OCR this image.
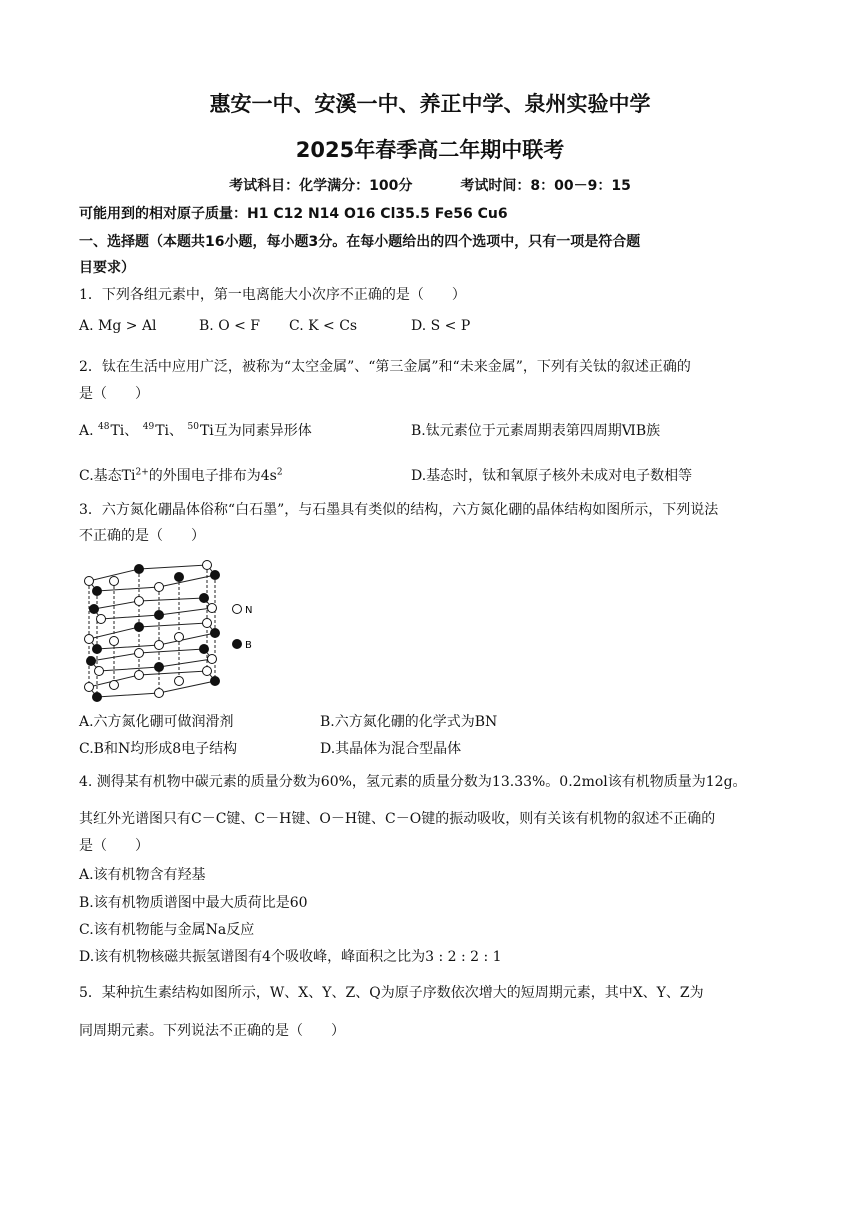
惠安一中、安溪一中、养正中学、泉州实验中学
2025年春季高二年期中联考
考试科目：化学满分：100分	考试时间：8：00－9：15
可能用到的相对原子质量：H1 C12 N14 O16 Cl35.5 Fe56 Cu6
一、选择题（本题共16小题，每小题3分。在每小题给出的四个选项中，只有一项是符合题
目要求）
1．下列各组元素中，第一电离能大小次序不正确的是（　　）
A. Mg > Al	B. O < F C. K < Cs	D. S < P
2．钛在生活中应用广泛，被称为“太空金属”、“第三金属”和“未来金属”，下列有关钛的叙述正确的
是（　　）
A. $^{48}$Ti、 $^{49}$Ti、 $^{50}$Ti互为同素异形体	B.钛元素位于元素周期表第四周期ⅥB族
C.基态$Ti^{2+}$的外围电子排布为$4s^2$	D.基态时，钛和氧原子核外未成对电子数相等
3．六方氮化硼晶体俗称“白石墨”，与石墨具有类似的结构，六方氮化硼的晶体结构如图所示，下列说法
不正确的是（　　）
N
B
A.六方氮化硼可做润滑剂	B.六方氮化硼的化学式为BN
C.B和N均形成8电子结构	D.其晶体为混合型晶体
4. 测得某有机物中碳元素的质量分数为60%，氢元素的质量分数为13.33%。0.2mol该有机物质量为12g。
其红外光谱图只有C－C键、C－H键、O－H键、C－O键的振动吸收，则有关该有机物的叙述不正确的
是（　　）
A.该有机物含有羟基
B.该有机物质谱图中最大质荷比是60
C.该有机物能与金属Na反应
D.该有机物核磁共振氢谱图有4个吸收峰，峰面积之比为3 : 2 : 2 : 1
5．某种抗生素结构如图所示，W、X、Y、Z、Q为原子序数依次增大的短周期元素，其中X、Y、Z为
同周期元素。下列说法不正确的是（　　）
